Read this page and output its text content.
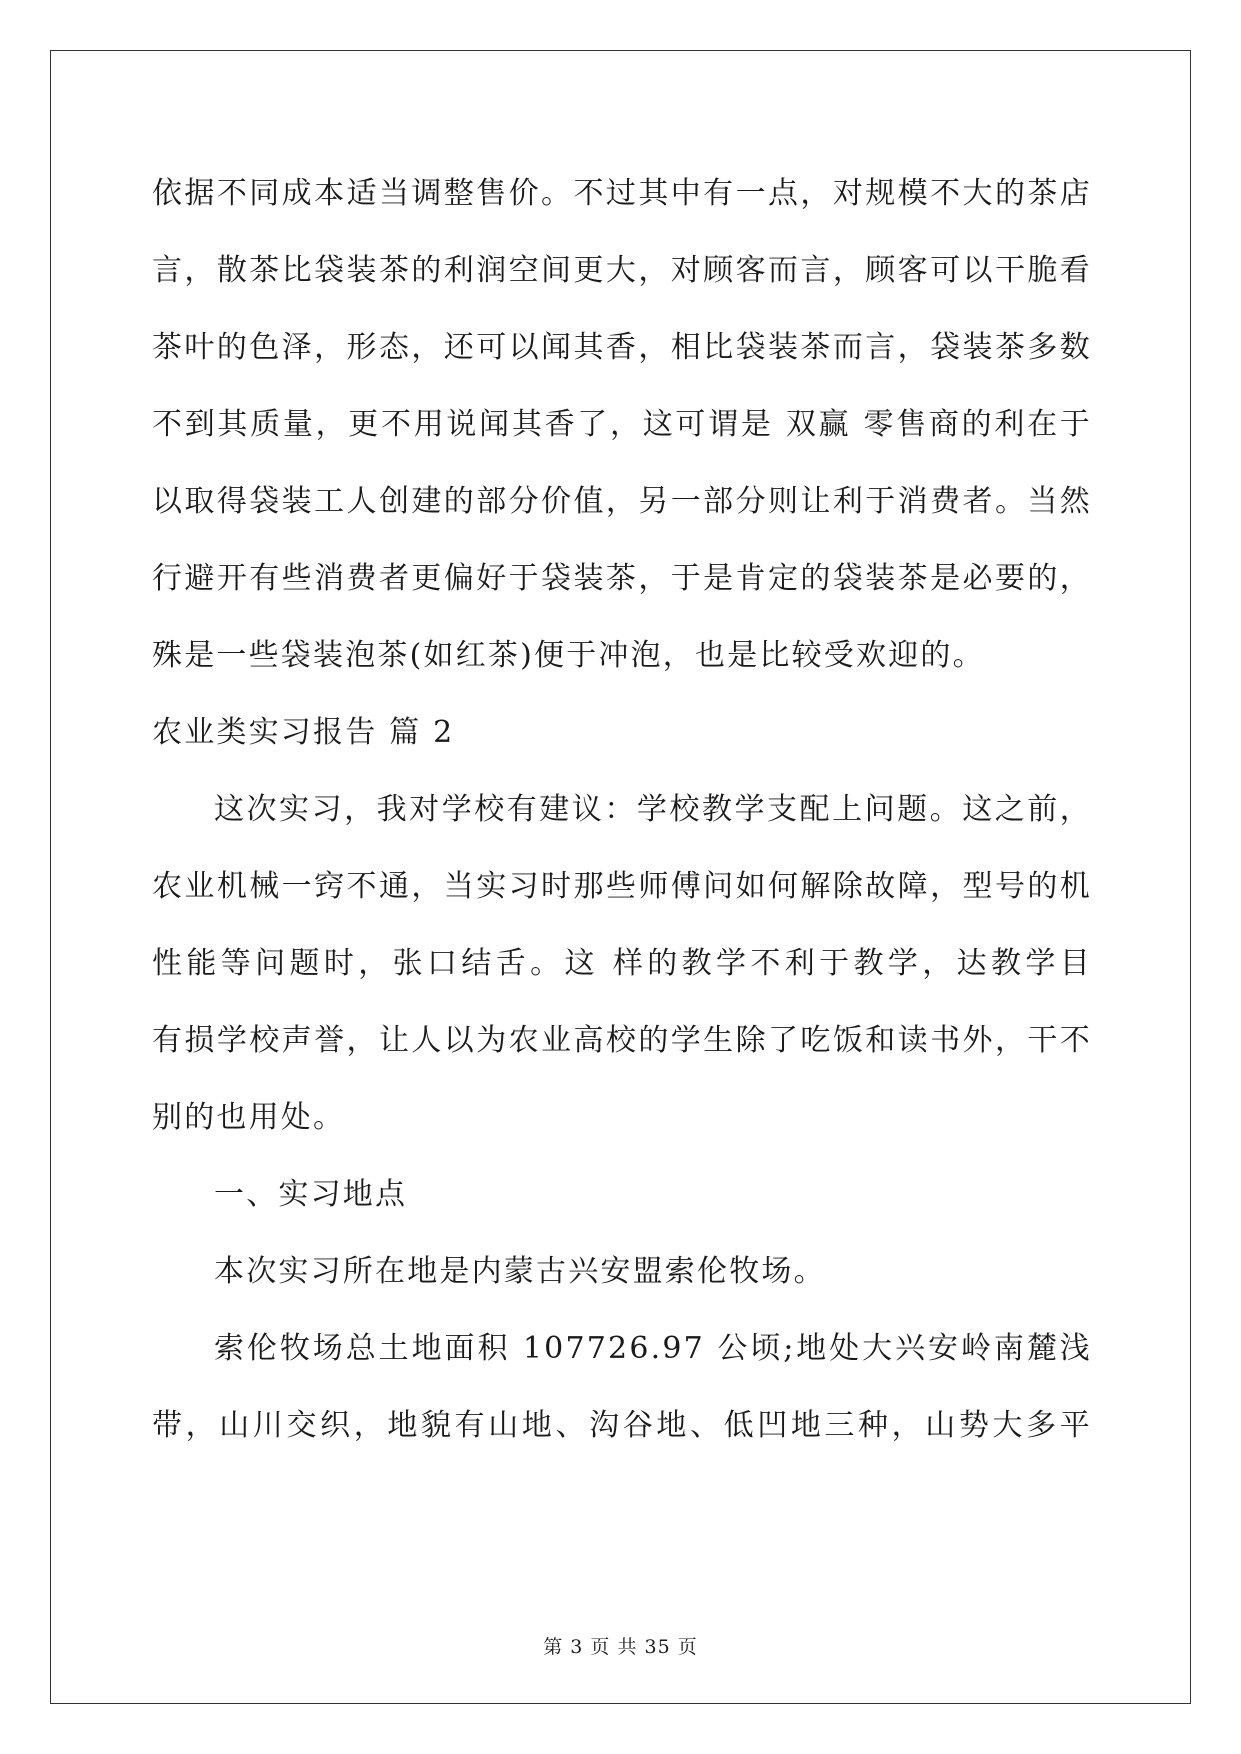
依据不同成本适当调整售价。不过其中有一点，对规模不大的茶店
言，散茶比袋装茶的利润空间更大，对顾客而言，顾客可以干脆看
茶叶的色泽，形态，还可以闻其香，相比袋装茶而言，袋装茶多数
不到其质量，更不用说闻其香了，这可谓是 双赢 零售商的利在于
以取得袋装工人创建的部分价值，另一部分则让利于消费者。当然
行避开有些消费者更偏好于袋装茶，于是肯定的袋装茶是必要的，
殊是一些袋装泡茶(如红茶)便于冲泡，也是比较受欢迎的。
农业类实习报告 篇 2
这次实习，我对学校有建议：学校教学支配上问题。这之前，
农业机械一窍不通，当实习时那些师傅问如何解除故障，型号的机
性能等问题时，张口结舌。这 样的教学不利于教学，达教学目
有损学校声誉，让人以为农业高校的学生除了吃饭和读书外，干不
别的也用处。
一、实习地点
本次实习所在地是内蒙古兴安盟索伦牧场。
索伦牧场总土地面积 107726.97 公顷;地处大兴安岭南麓浅
带，山川交织，地貌有山地、沟谷地、低凹地三种，山势大多平
第 3 页 共 35 页
